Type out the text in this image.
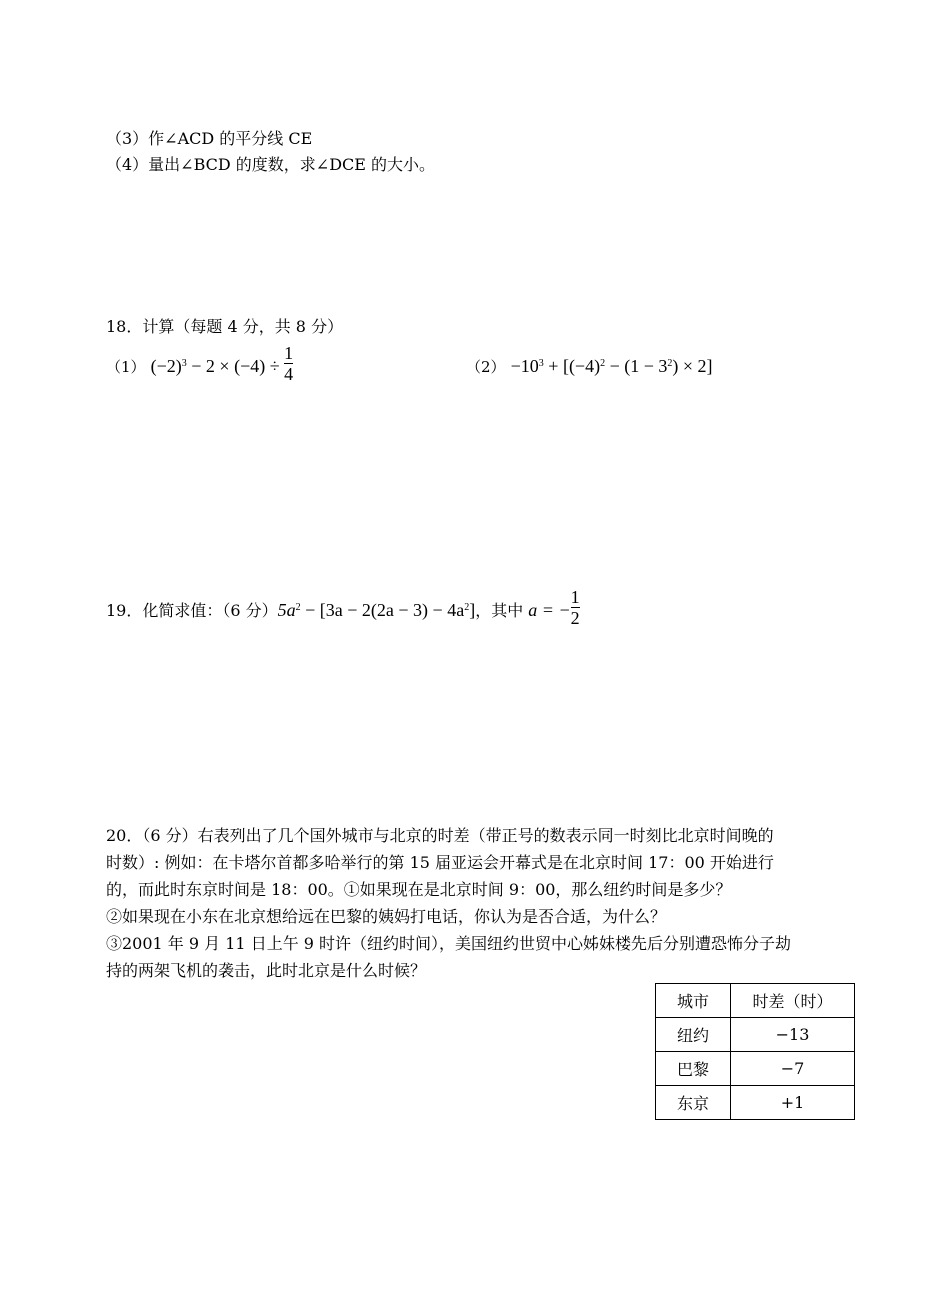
（3）作∠ACD 的平分线 CE
（4）量出∠BCD 的度数，求∠DCE 的大小。
18．计算（每题 4 分，共 8 分）
（1） $(-2)^3 - 2 \times (-4) \div \frac{1}{4}$	$(2) -10^3 + [(-4)^2 - (1 - 3^2) \times 2]$
19．化简求值：（6 分）$5a^2 - [3a - 2(2a - 3) - 4a^2]$，其中 a = − $\frac{1}{2}$
20．（6 分）右表列出了几个国外城市与北京的时差（带正号的数表示同一时刻比北京时间晚的
时数）: 例如：在卡塔尔首都多哈举行的第 15 届亚运会开幕式是在北京时间 17：00 开始进行
的，而此时东京时间是 18：00。①如果现在是北京时间 9：00，那么纽约时间是多少？
②如果现在小东在北京想给远在巴黎的姨妈打电话，你认为是否合适，为什么？
③2001 年 9 月 11 日上午 9 时许（纽约时间），美国纽约世贸中心姊妹楼先后分别遭恐怖分子劫
持的两架飞机的袭击，此时北京是什么时候？
城市	时差（时）
纽约	−13
巴黎	−7
东京	+1
